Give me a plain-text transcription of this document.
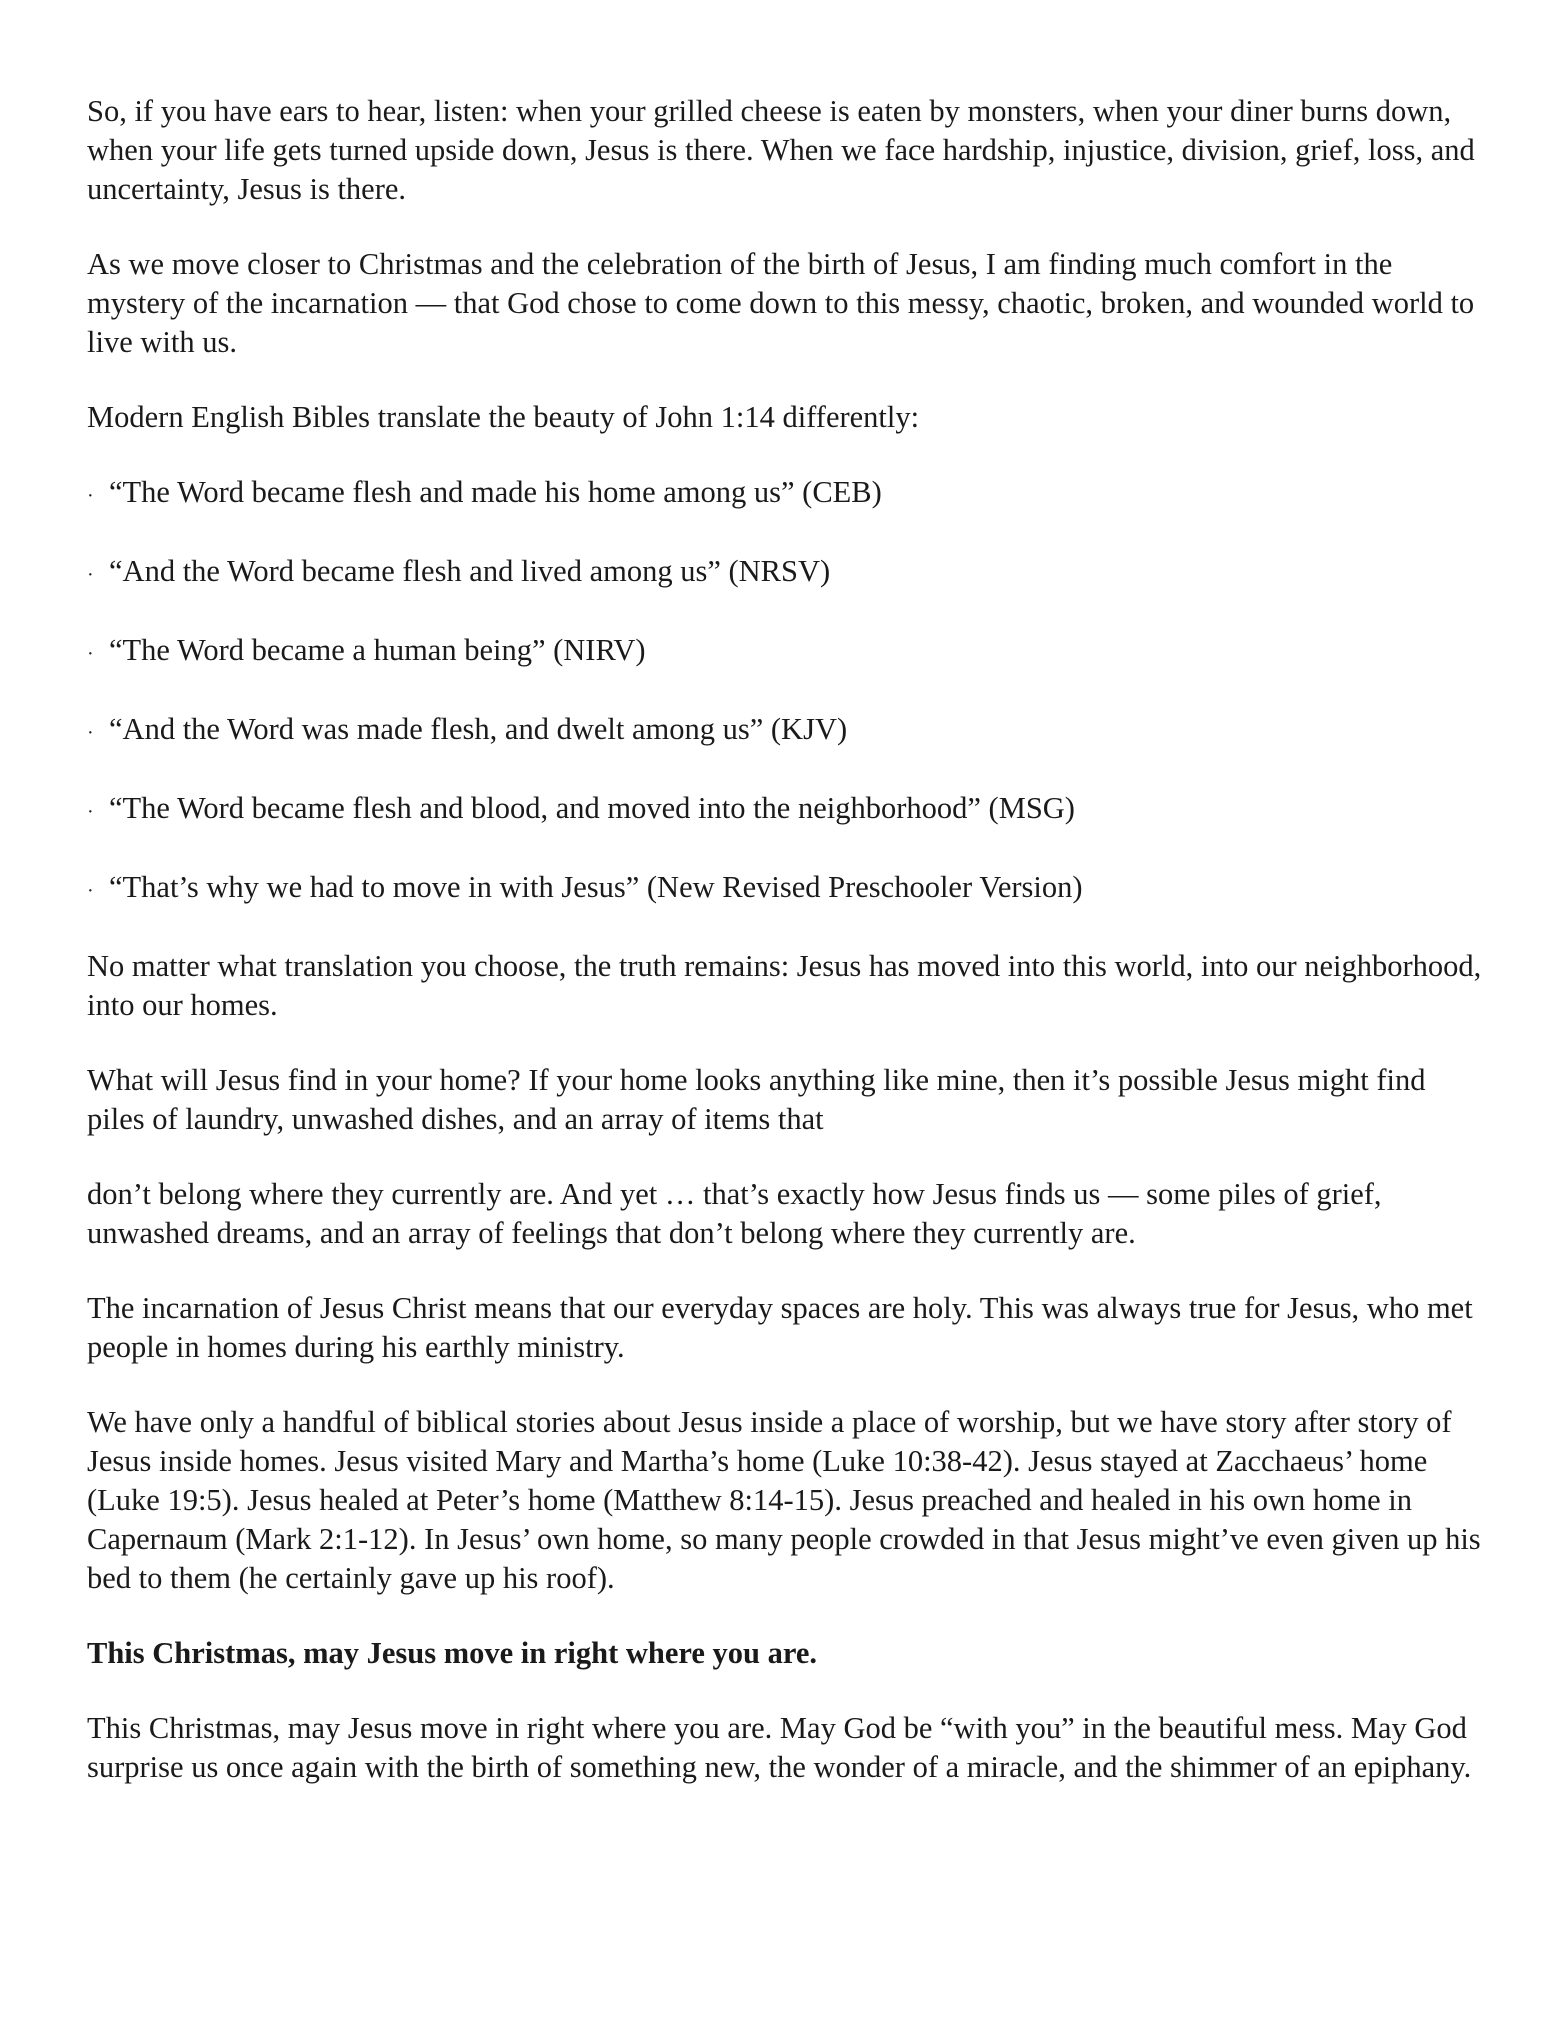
So, if you have ears to hear, listen: when your grilled cheese is eaten by monsters, when your diner burns down, when your life gets turned upside down, Jesus is there. When we face hardship, injustice, division, grief, loss, and uncertainty, Jesus is there.

As we move closer to Christmas and the celebration of the birth of Jesus, I am finding much comfort in the mystery of the incarnation — that God chose to come down to this messy, chaotic, broken, and wounded world to live with us.

Modern English Bibles translate the beauty of John 1:14 differently:

· “The Word became flesh and made his home among us” (CEB)
· “And the Word became flesh and lived among us” (NRSV)
· “The Word became a human being” (NIRV)
· “And the Word was made flesh, and dwelt among us” (KJV)
· “The Word became flesh and blood, and moved into the neighborhood” (MSG)
· “That’s why we had to move in with Jesus” (New Revised Preschooler Version)

No matter what translation you choose, the truth remains: Jesus has moved into this world, into our neighborhood, into our homes.

What will Jesus find in your home? If your home looks anything like mine, then it’s possible Jesus might find piles of laundry, unwashed dishes, and an array of items that

don’t belong where they currently are. And yet … that’s exactly how Jesus finds us — some piles of grief, unwashed dreams, and an array of feelings that don’t belong where they currently are.

The incarnation of Jesus Christ means that our everyday spaces are holy. This was always true for Jesus, who met people in homes during his earthly ministry.

We have only a handful of biblical stories about Jesus inside a place of worship, but we have story after story of Jesus inside homes. Jesus visited Mary and Martha’s home (Luke 10:38-42). Jesus stayed at Zacchaeus’ home (Luke 19:5). Jesus healed at Peter’s home (Matthew 8:14-15). Jesus preached and healed in his own home in Capernaum (Mark 2:1-12). In Jesus’ own home, so many people crowded in that Jesus might’ve even given up his bed to them (he certainly gave up his roof).

This Christmas, may Jesus move in right where you are.

This Christmas, may Jesus move in right where you are. May God be “with you” in the beautiful mess. May God surprise us once again with the birth of something new, the wonder of a miracle, and the shimmer of an epiphany.
